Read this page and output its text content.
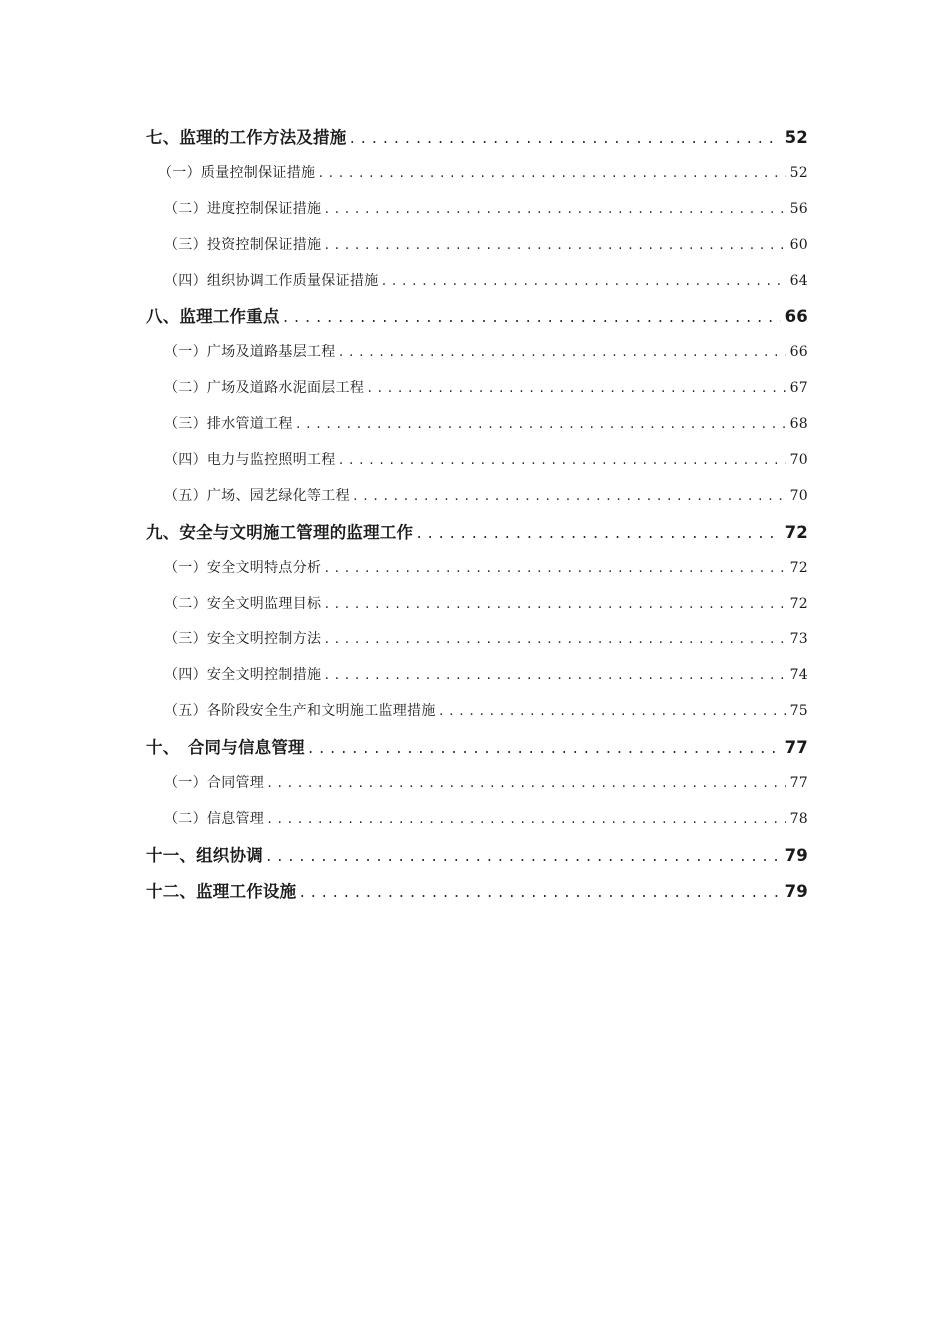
七、监理的工作方法及措施 .....	52
（一）质量控制保证措施 .....	52
（二）进度控制保证措施 .....	56
（三）投资控制保证措施 .....	60
（四）组织协调工作质量保证措施 .....	64
八、监理工作重点 .....	66
（一）广场及道路基层工程 .....	66
（二）广场及道路水泥面层工程 .....	67
（三）排水管道工程 .....	68
（四）电力与监控照明工程 .....	70
（五）广场、园艺绿化等工程 .....	70
九、安全与文明施工管理的监理工作 .....	72
（一）安全文明特点分析 .....	72
（二）安全文明监理目标 .....	72
（三）安全文明控制方法 .....	73
（四）安全文明控制措施 .....	74
（五）各阶段安全生产和文明施工监理措施 .....	75
十、　合同与信息管理 .....	77
（一）合同管理 .....	77
（二）信息管理 .....	78
十一、组织协调 .....	79
十二、监理工作设施 .....	79
